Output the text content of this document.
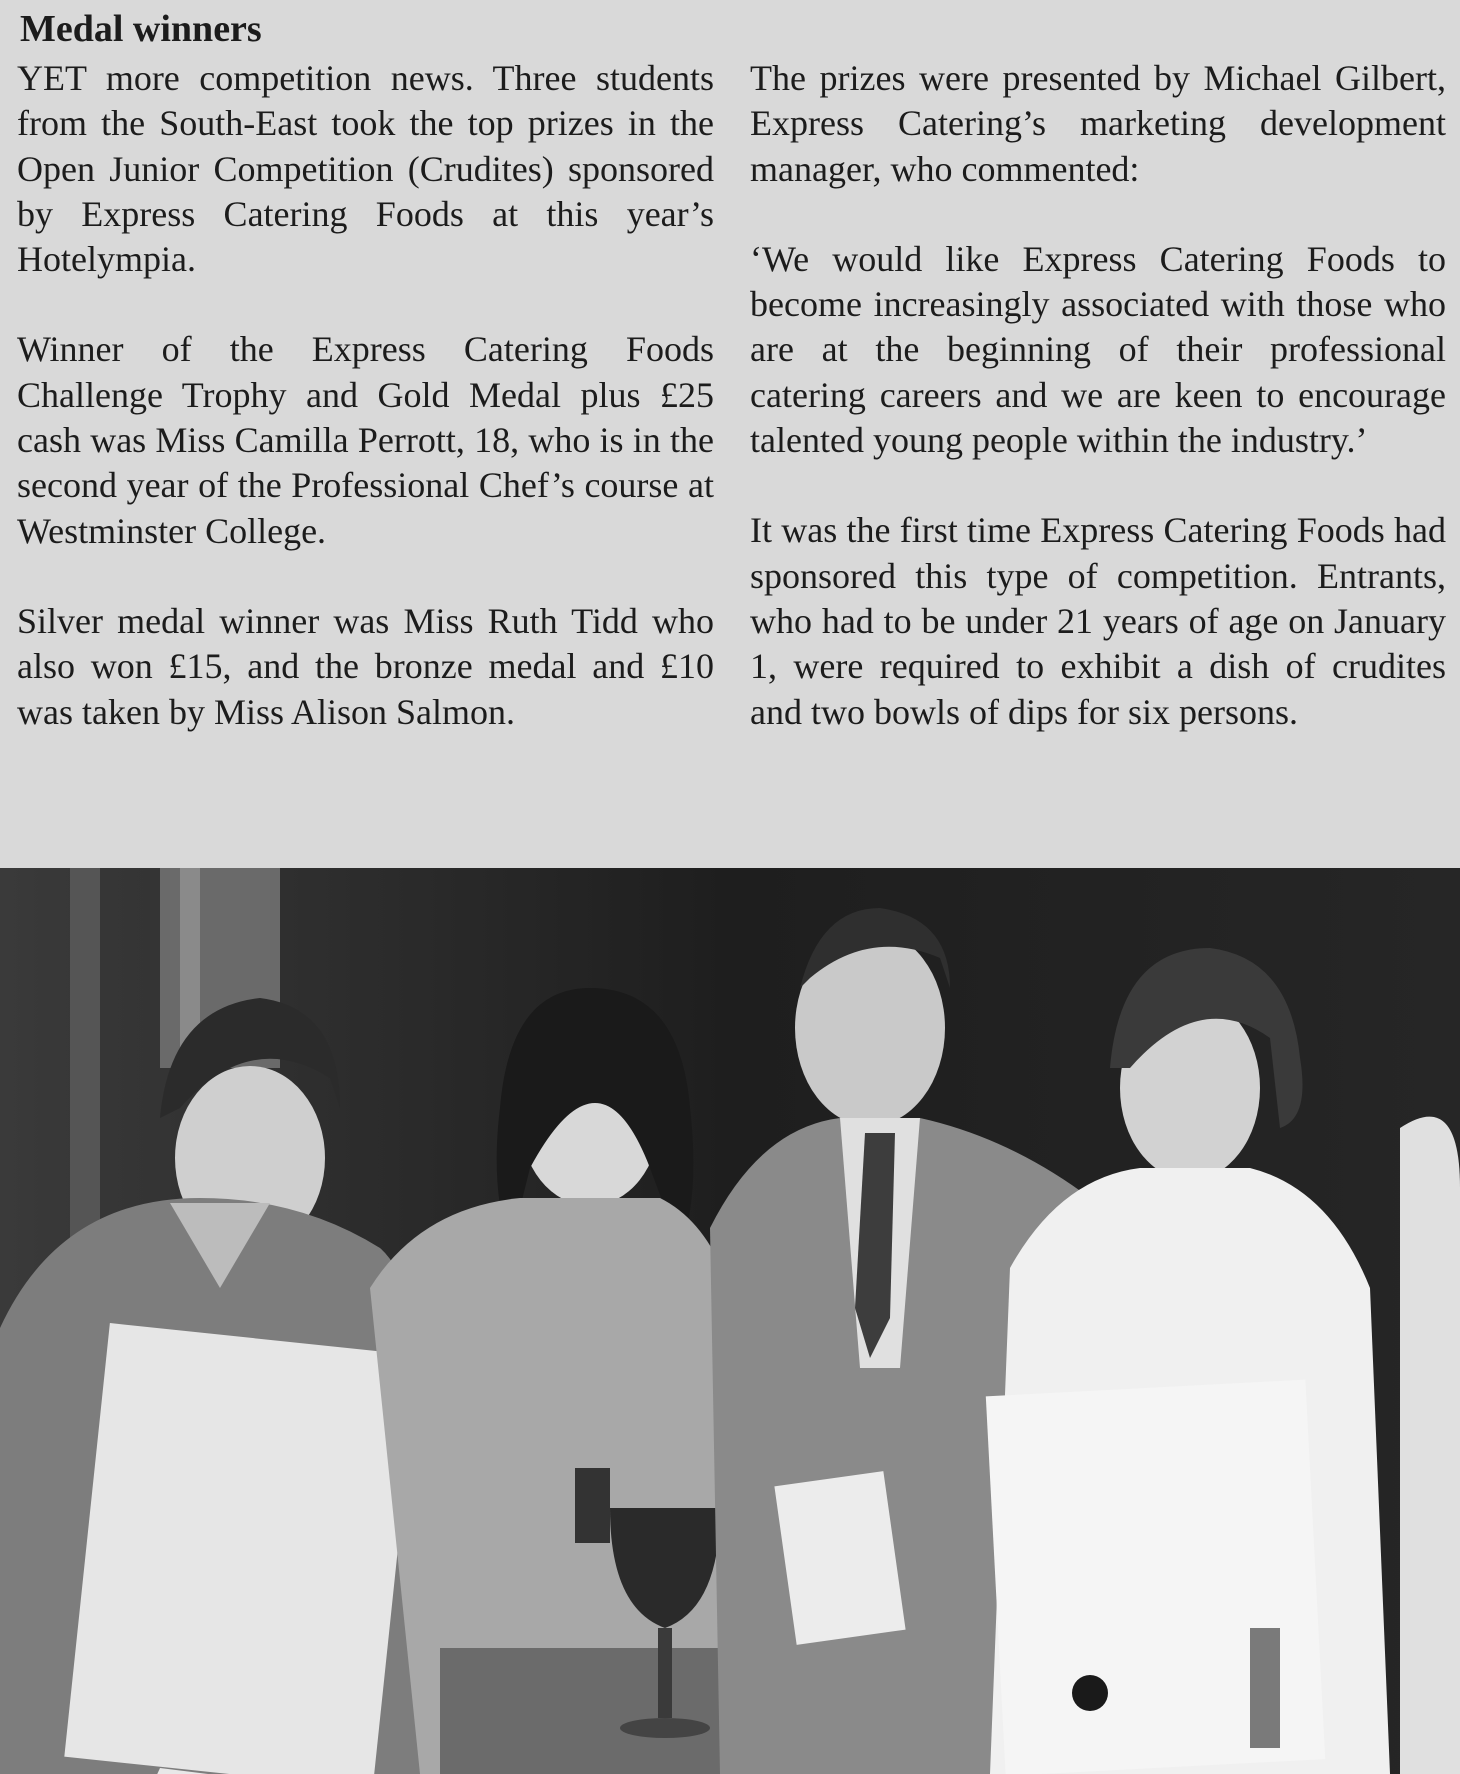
Medal winners

YET more competition news. Three students from the South-East took the top prizes in the Open Junior Competition (Crudites) sponsored by Express Catering Foods at this year’s Hotelympia.

Winner of the Express Catering Foods Challenge Trophy and Gold Medal plus £25 cash was Miss Camilla Perrott, 18, who is in the second year of the Professional Chef’s course at Westminster College.

Silver medal winner was Miss Ruth Tidd who also won £15, and the bronze medal and £10 was taken by Miss Alison Salmon.

The prizes were presented by Michael Gilbert, Express Catering’s marketing development manager, who commented:

‘We would like Express Catering Foods to become increasingly associated with those who are at the beginning of their professional catering careers and we are keen to encourage talented young people within the industry.’

It was the first time Express Catering Foods had sponsored this type of competition. Entrants, who had to be under 21 years of age on January 1, were required to exhibit a dish of crudites and two bowls of dips for six persons.
